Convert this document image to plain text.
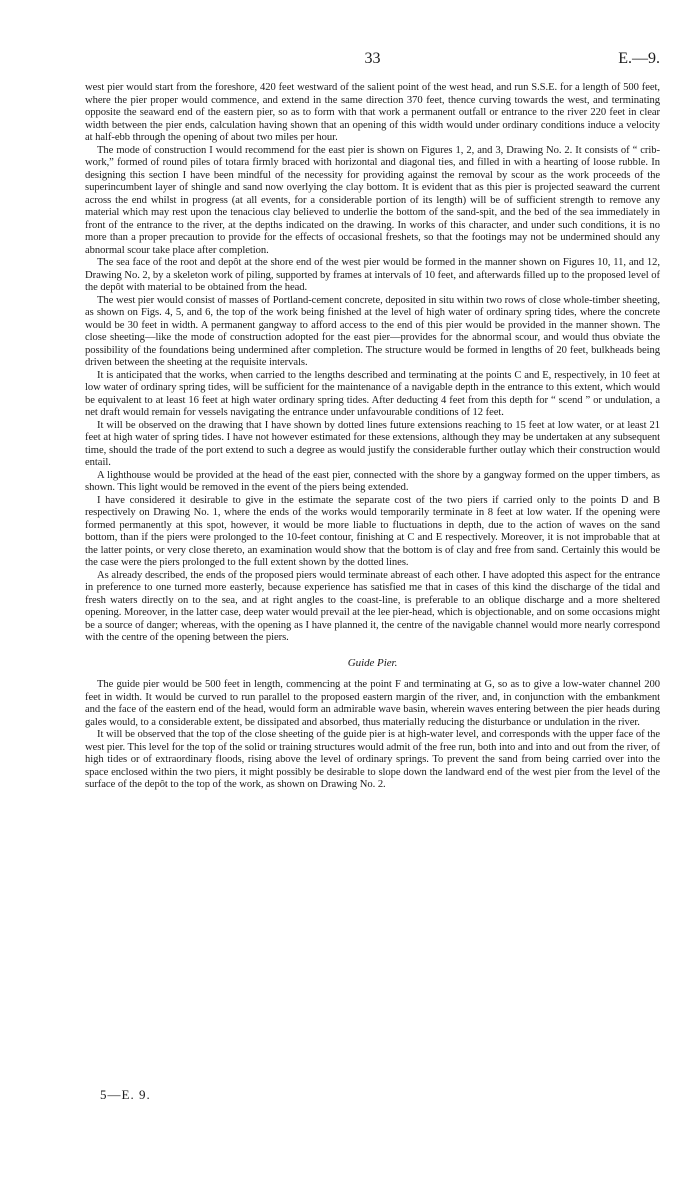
33	E.—9.

west pier would start from the foreshore, 420 feet westward of the salient point of the west head, and run S.S.E. for a length of 500 feet, where the pier proper would commence, and extend in the same direction 370 feet, thence curving towards the west, and terminating opposite the seaward end of the eastern pier, so as to form with that work a permanent outfall or entrance to the river 220 feet in clear width between the pier ends, calculation having shown that an opening of this width would under ordinary conditions induce a velocity at half-ebb through the opening of about two miles per hour.

The mode of construction I would recommend for the east pier is shown on Figures 1, 2, and 3, Drawing No. 2. It consists of “ crib-work,” formed of round piles of totara firmly braced with horizontal and diagonal ties, and filled in with a hearting of loose rubble. In designing this section I have been mindful of the necessity for providing against the removal by scour as the work proceeds of the superincumbent layer of shingle and sand now overlying the clay bottom. It is evident that as this pier is projected seaward the current across the end whilst in progress (at all events, for a considerable portion of its length) will be of sufficient strength to remove any material which may rest upon the tenacious clay believed to underlie the bottom of the sand-spit, and the bed of the sea immediately in front of the entrance to the river, at the depths indicated on the drawing. In works of this character, and under such conditions, it is no more than a proper precaution to provide for the effects of occasional freshets, so that the footings may not be undermined should any abnormal scour take place after completion.

The sea face of the root and depôt at the shore end of the west pier would be formed in the manner shown on Figures 10, 11, and 12, Drawing No. 2, by a skeleton work of piling, supported by frames at intervals of 10 feet, and afterwards filled up to the proposed level of the depôt with material to be obtained from the head.

The west pier would consist of masses of Portland-cement concrete, deposited in situ within two rows of close whole-timber sheeting, as shown on Figs. 4, 5, and 6, the top of the work being finished at the level of high water of ordinary spring tides, where the concrete would be 30 feet in width. A permanent gangway to afford access to the end of this pier would be provided in the manner shown. The close sheeting—like the mode of construction adopted for the east pier—provides for the abnormal scour, and would thus obviate the possibility of the foundations being undermined after completion. The structure would be formed in lengths of 20 feet, bulkheads being driven between the sheeting at the requisite intervals.

It is anticipated that the works, when carried to the lengths described and terminating at the points C and E, respectively, in 10 feet at low water of ordinary spring tides, will be sufficient for the maintenance of a navigable depth in the entrance to this extent, which would be equivalent to at least 16 feet at high water ordinary spring tides. After deducting 4 feet from this depth for “ scend ” or undulation, a net draft would remain for vessels navigating the entrance under unfavourable conditions of 12 feet.

It will be observed on the drawing that I have shown by dotted lines future extensions reaching to 15 feet at low water, or at least 21 feet at high water of spring tides. I have not however estimated for these extensions, although they may be undertaken at any subsequent time, should the trade of the port extend to such a degree as would justify the considerable further outlay which their construction would entail.

A lighthouse would be provided at the head of the east pier, connected with the shore by a gangway formed on the upper timbers, as shown. This light would be removed in the event of the piers being extended.

I have considered it desirable to give in the estimate the separate cost of the two piers if carried only to the points D and B respectively on Drawing No. 1, where the ends of the works would temporarily terminate in 8 feet at low water. If the opening were formed permanently at this spot, however, it would be more liable to fluctuations in depth, due to the action of waves on the sand bottom, than if the piers were prolonged to the 10-feet contour, finishing at C and E respectively. Moreover, it is not improbable that at the latter points, or very close thereto, an examination would show that the bottom is of clay and free from sand. Certainly this would be the case were the piers prolonged to the full extent shown by the dotted lines.

As already described, the ends of the proposed piers would terminate abreast of each other. I have adopted this aspect for the entrance in preference to one turned more easterly, because experience has satisfied me that in cases of this kind the discharge of the tidal and fresh waters directly on to the sea, and at right angles to the coast-line, is preferable to an oblique discharge and a more sheltered opening. Moreover, in the latter case, deep water would prevail at the lee pier-head, which is objectionable, and on some occasions might be a source of danger; whereas, with the opening as I have planned it, the centre of the navigable channel would more nearly correspond with the centre of the opening between the piers.

Guide Pier.

The guide pier would be 500 feet in length, commencing at the point F and terminating at G, so as to give a low-water channel 200 feet in width. It would be curved to run parallel to the proposed eastern margin of the river, and, in conjunction with the embankment and the face of the eastern end of the head, would form an admirable wave basin, wherein waves entering between the pier heads during gales would, to a considerable extent, be dissipated and absorbed, thus materially reducing the disturbance or undulation in the river.

It will be observed that the top of the close sheeting of the guide pier is at high-water level, and corresponds with the upper face of the west pier. This level for the top of the solid or training structures would admit of the free run, both into and into and out from the river, of high tides or of extraordinary floods, rising above the level of ordinary springs. To prevent the sand from being carried over into the space enclosed within the two piers, it might possibly be desirable to slope down the landward end of the west pier from the level of the surface of the depôt to the top of the work, as shown on Drawing No. 2.

5—E. 9.
